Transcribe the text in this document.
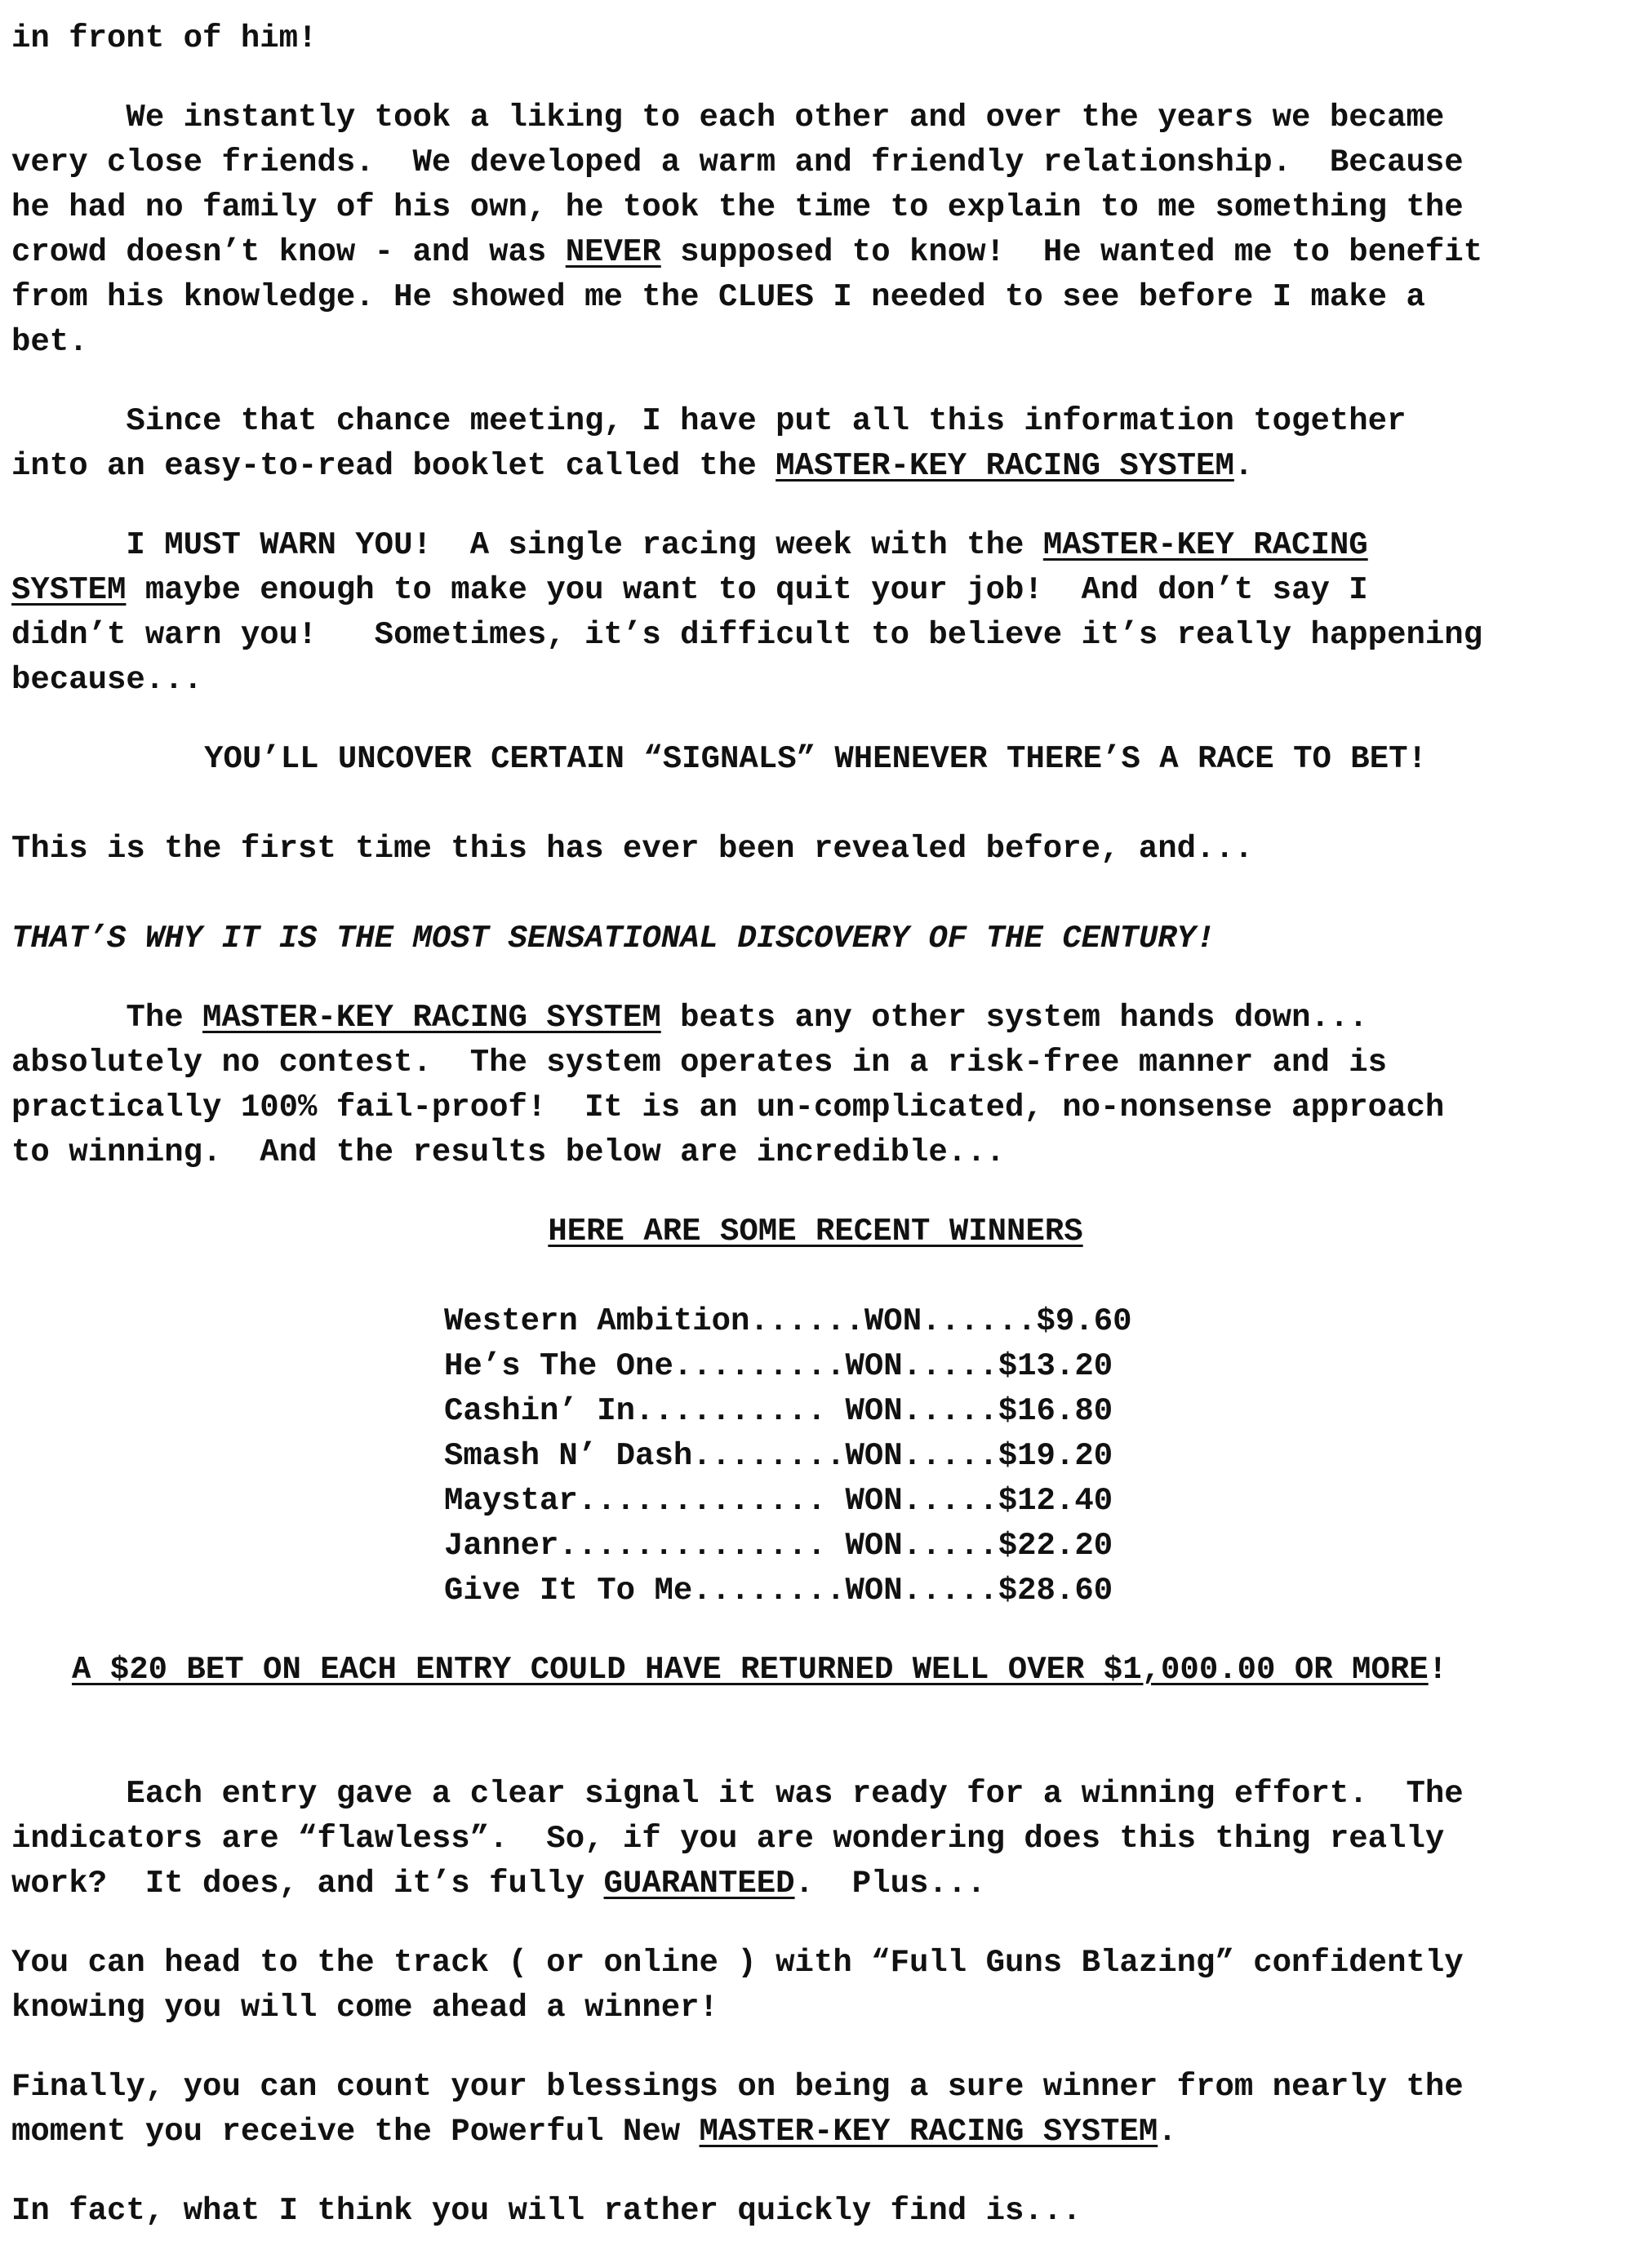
in front of him!

We instantly took a liking to each other and over the years we became
very close friends.  We developed a warm and friendly relationship.  Because
he had no family of his own, he took the time to explain to me something the
crowd doesn’t know - and was NEVER supposed to know!  He wanted me to benefit
from his knowledge. He showed me the CLUES I needed to see before I make a
bet.

Since that chance meeting, I have put all this information together
into an easy-to-read booklet called the MASTER-KEY RACING SYSTEM.

I MUST WARN YOU!  A single racing week with the MASTER-KEY RACING
SYSTEM maybe enough to make you want to quit your job!  And don’t say I
didn’t warn you!   Sometimes, it’s difficult to believe it’s really happening
because...

YOU’LL UNCOVER CERTAIN “SIGNALS” WHENEVER THERE’S A RACE TO BET!

This is the first time this has ever been revealed before, and...

THAT’S WHY IT IS THE MOST SENSATIONAL DISCOVERY OF THE CENTURY!

The MASTER-KEY RACING SYSTEM beats any other system hands down...
absolutely no contest.  The system operates in a risk-free manner and is
practically 100% fail-proof!  It is an un-complicated, no-nonsense approach
to winning.  And the results below are incredible...

HERE ARE SOME RECENT WINNERS

Western Ambition......WON......$9.60
He’s The One.........WON.....$13.20
Cashin’ In.......... WON.....$16.80
Smash N’ Dash........WON.....$19.20
Maystar............. WON.....$12.40
Janner.............. WON.....$22.20
Give It To Me........WON.....$28.60

A $20 BET ON EACH ENTRY COULD HAVE RETURNED WELL OVER $1,000.00 OR MORE!

Each entry gave a clear signal it was ready for a winning effort.  The
indicators are “flawless”.  So, if you are wondering does this thing really
work?  It does, and it’s fully GUARANTEED.  Plus...

You can head to the track ( or online ) with “Full Guns Blazing” confidently
knowing you will come ahead a winner!

Finally, you can count your blessings on being a sure winner from nearly the
moment you receive the Powerful New MASTER-KEY RACING SYSTEM.

In fact, what I think you will rather quickly find is...
